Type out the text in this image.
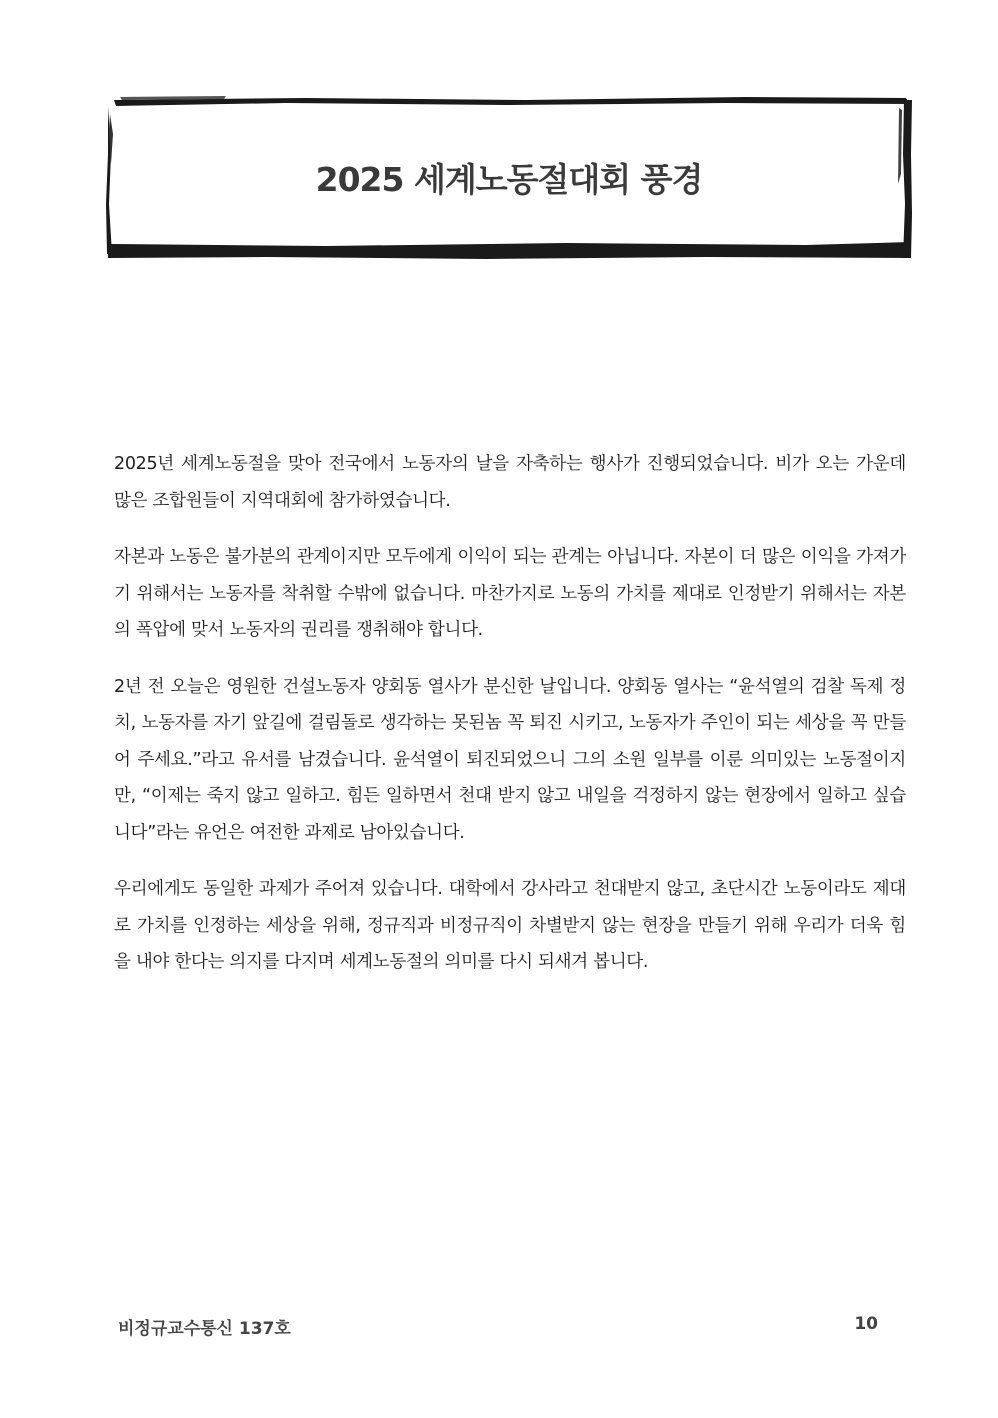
2025 세계노동절대회 풍경

2025년 세계노동절을 맞아 전국에서 노동자의 날을 자축하는 행사가 진행되었습니다. 비가 오는 가운데 많은 조합원들이 지역대회에 참가하였습니다.

자본과 노동은 불가분의 관계이지만 모두에게 이익이 되는 관계는 아닙니다. 자본이 더 많은 이익을 가져가기 위해서는 노동자를 착취할 수밖에 없습니다. 마찬가지로 노동의 가치를 제대로 인정받기 위해서는 자본의 폭압에 맞서 노동자의 권리를 쟁취해야 합니다.

2년 전 오늘은 영원한 건설노동자 양회동 열사가 분신한 날입니다. 양회동 열사는 “윤석열의 검찰 독제 정치, 노동자를 자기 앞길에 걸림돌로 생각하는 못된놈 꼭 퇴진 시키고, 노동자가 주인이 되는 세상을 꼭 만들어 주세요.”라고 유서를 남겼습니다. 윤석열이 퇴진되었으니 그의 소원 일부를 이룬 의미있는 노동절이지만, “이제는 죽지 않고 일하고. 힘든 일하면서 천대 받지 않고 내일을 걱정하지 않는 현장에서 일하고 싶습니다”라는 유언은 여전한 과제로 남아있습니다.

우리에게도 동일한 과제가 주어져 있습니다. 대학에서 강사라고 천대받지 않고, 초단시간 노동이라도 제대로 가치를 인정하는 세상을 위해, 정규직과 비정규직이 차별받지 않는 현장을 만들기 위해 우리가 더욱 힘을 내야 한다는 의지를 다지며 세계노동절의 의미를 다시 되새겨 봅니다.

비정규교수통신 137호	10
